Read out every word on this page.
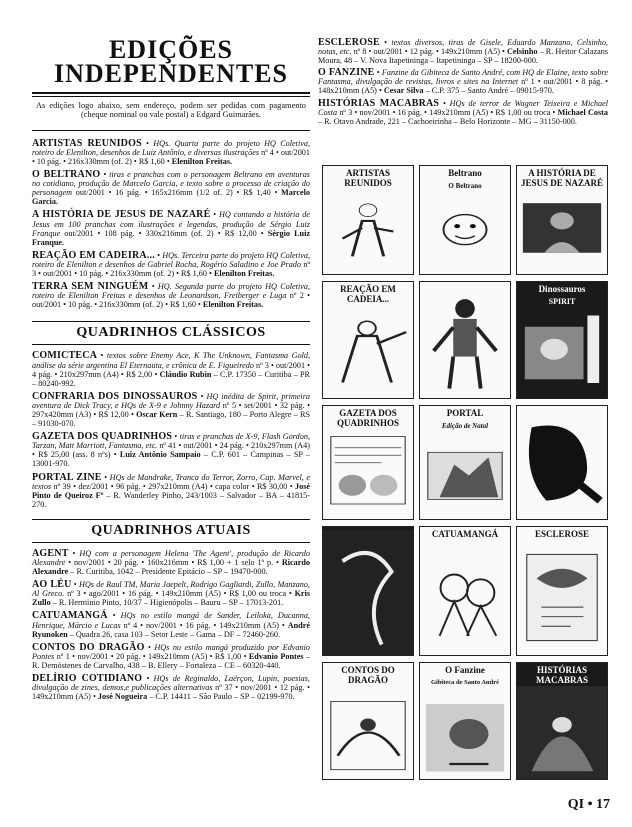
EDIÇÕES
INDEPENDENTES

As edições logo abaixo, sem endereço, podem ser pedidas com pagamento (cheque nominal ou vale postal) a Edgard Guimarães.

ARTISTAS REUNIDOS • HQs. Quarta parte do projeto HQ Coletiva, roteiro de Elenilton, desenhos de Luiz Antônio, e diversas ilustrações nº 4 • out/2001 • 10 pág. • 216x330mm (of. 2) • R$ 1,60 • Elenilton Freitas.

O BELTRANO • tiras e pranchas com o personagem Beltrano em aventuras no cotidiano, produção de Marcelo Garcia, e texto sobre o processo de criação do personagem out/2001 • 16 pág. • 165x216mm (1/2 of. 2) • R$ 1,40 • Marcelo Garcia.

A HISTÓRIA DE JESUS DE NAZARÉ • HQ contando a história de Jesus em 100 pranchas com ilustrações e legendas, produção de Sérgio Luiz Franque out/2001 • 108 pág. • 330x216mm (of. 2) • R$ 12,00 • Sérgio Luiz Franque.

REAÇÃO EM CADEIRA... • HQs. Terceira parte do projeto HQ Coletiva, roteiro de Elenilton e desenhos de Gabriel Rocha, Rogério Saladino e Joe Prado nº 3 • out/2001 • 10 pág. • 216x330mm (of. 2) • R$ 1,60 • Elenilton Freitas.

TERRA SEM NINGUÉM • HQ. Segunda parte do projeto HQ Coletiva, roteiro de Elenilton Freitas e desenhos de Leonardson, Freiberger e Luga nº 2 • out/2001 • 10 pág. • 216x330mm (of. 2) • R$ 1,60 • Elenilton Freitas.

QUADRINHOS CLÁSSICOS

COMICTECA • textos sobre Enemy Ace, K The Unknown, Fantasma Gold, análise da série argentina El Eternauta, e crônica de E. Figueiredo nº 3 • out/2001 • 4 pág. • 210x297mm (A4) • R$ 2,00 • Cláudio Rubin – C.P. 17350 – Curitiba – PR – 80240-992.

CONFRARIA DOS DINOSSAUROS • HQ inédita de Spirit, primeira aventura de Dick Tracy, e HQs de X-9 e Johnny Hazard nº 5 • set/2001 • 32 pág. • 297x420mm (A3) • R$ 12,00 • Oscar Kern – R. Santiago, 180 – Porto Alegre – RS – 91030-070.

GAZETA DOS QUADRINHOS • tiras e pranchas de X-9, Flash Gordon, Tarzan, Matt Marriott, Fantasma, etc. nº 41 • out/2001 • 24 pág. • 210x297mm (A4) • R$ 25,00 (ass. 8 nºs) • Luiz Antônio Sampaio – C.P. 601 – Campinas – SP – 13001-970.

PORTAL ZINE • HQs de Mandrake, Tranca do Terror, Zorro, Cap. Marvel, e textos nº 39 • dez/2001 • 96 pág. • 297x210mm (A4) • capa color • R$ 30,00 • José Pinto de Queiroz Fº – R. Wanderley Pinho, 243/1003 – Salvador – BA – 41815-270.

QUADRINHOS ATUAIS

AGENT • HQ com a personagem Helena 'The Agent', produção de Ricardo Alexandre • nov/2001 • 20 pág. • 160x216mm • R$ 1,00 + 1 selo 1º p. • Ricardo Alexandre – R. Curitiba, 1042 – Presidente Epitácio – SP – 19470-000.

AO LÉU • HQs de Raul TM, Maria Jaepelt, Rodrigo Gagliardi, Zullo, Manzano, Al Greco. nº 3 • ago/2001 • 16 pág. • 149x210mm (A5) • R$ 1,00 ou troca • Kris Zullo – R. Herminio Pinto, 10/37 – Higienópolis – Bauru – SP – 17013-201.

CATUAMANGÁ • HQs no estilo mangá de Sander, Leiloka, Ducanna, Henrique, Márcio e Lucas nº 4 • nov/2001 • 16 pág. • 149x210mm (A5) • André Ryunoken – Quadra 26, casa 103 – Setor Leste – Gama – DF – 72460-260.

CONTOS DO DRAGÃO • HQs no estilo mangá produzido por Edvanio Pontes nº 1 • nov/2001 • 20 pág. • 149x210mm (A5) • R$ 1,00 • Edvanio Pontes – R. Demóstenes de Carvalho, 438 – B. Ellery – Fortaleza – CE – 60320-440.

DELÍRIO COTIDIANO • HQs de Reginaldo, Laërçon, Lupin, poesias, divulgação de zines, demos,e publicações alternativas nº 37 • nov/2001 • 12 pág. • 149x210mm (A5) • José Nogueira – C.P. 14411 – São Paulo – SP – 02199-970.

ESCLEROSE • textos diversos, tiras de Gisele, Eduardo Manzano, Celsinho, notas, etc. nº 8 • out/2001 • 12 pág. • 149x210mm (A5) • Celsinho – R. Heitor Calazans Moura, 48 – V. Nova Itapetininga – Itapetininga – SP – 18200-000.

O FANZINE • Fanzine da Gibiteca de Santo André, com HQ de Elaine, texto sobre Fantasma, divulgação de revistas, livros e sites na Internet nº 1 • out/2001 • 8 pág. • 148x210mm (A5) • Cesar Silva – C.P. 375 – Santo André – 09015-970.

HISTÓRIAS MACABRAS • HQs de terror de Wagner Teixeira e Michael Costa nº 3 • nov/2001 • 16 pág. • 149x210mm (A5) • R$ 1,00 ou troca • Michael Costa – R. Otavo Andrade, 221 – Cachoeirinha – Belo Horizonte – MG – 31150-000.

ARTISTAS REUNIDOS
Beltrano
O Beltrano
A HISTÓRIA DE JESUS DE NAZARÉ
REAÇÃO EM CADEIA...
Dinossauros
SPIRIT
GAZETA DOS QUADRINHOS
PORTAL
Edição de Natal
CATUAMANGÁ	ESCLEROSE
CONTOS DO DRAGÃO
O Fanzine
Gibiteca de Santo André
HISTÓRIAS MACABRAS
QI • 17
